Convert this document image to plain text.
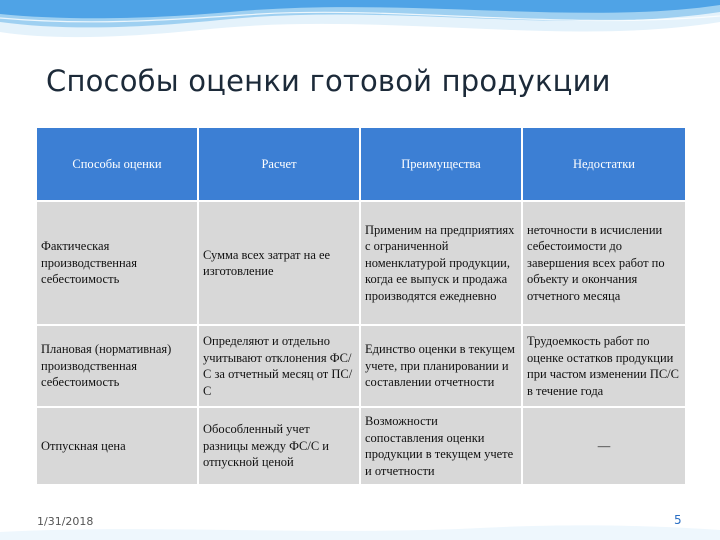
Способы оценки готовой продукции
Способы оценки	Расчет	Преимущества	Недостатки
Фактическая производственная себестоимость	Сумма всех затрат на ее изготовление	Применим на предприятиях с ограниченной номенклатурой продукции, когда ее выпуск и продажа производятся ежедневно	неточности в исчислении себестоимости до завершения всех работ по объекту и окончания отчетного месяца
Плановая (нормативная) производственная себестоимость	Определяют и отдельно учитывают отклонения ФС/С за отчетный месяц от ПС/С	Единство оценки в текущем учете, при планировании и составлении отчетности	Трудоемкость работ по оценке остатков продукции при частом изменении ПС/С в течение года
Отпускная цена	Обособленный учет разницы между ФС/С и отпускной ценой	Возможности сопоставления оценки продукции в текущем учете и отчетности	—
1/31/2018	5
